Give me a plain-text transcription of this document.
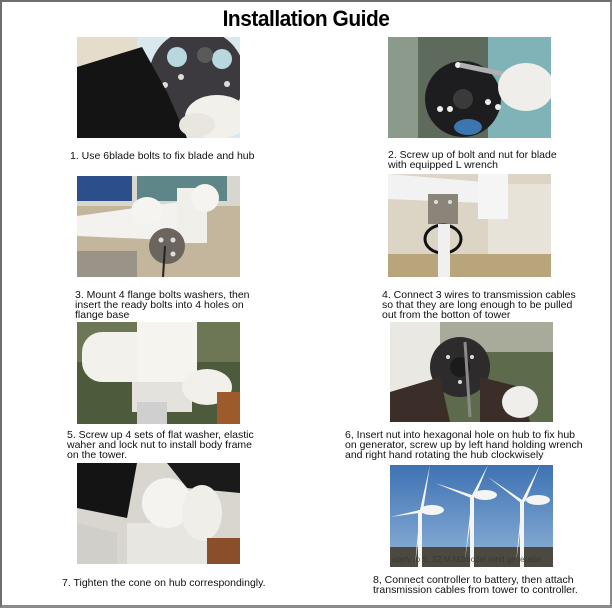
Installation Guide
1. Use 6blade bolts to fix blade and hub	2. Screw up of bolt and nut for blade
with equipped L wrench
3. Mount 4 flange bolts washers, then
insert the ready bolts into 4 holes on
flange base
4. Connect 3 wires to transmission cables
so that they are long enough to be pulled
out from the botton of tower
5. Screw up 4 sets of flat washer, elastic
waher and lock nut to install body frame
on the tower.
6, Insert nut into hexagonal hole on hub to fix hub
on generator, screw up by left hand holding wrench
and right hand rotating the hub clockwisely
7. Tighten the cone on hub correspondingly.
apply to S, S2,M,M2model wind generator
8, Connect controller to battery, then attach
transmission cables from tower to controller.
